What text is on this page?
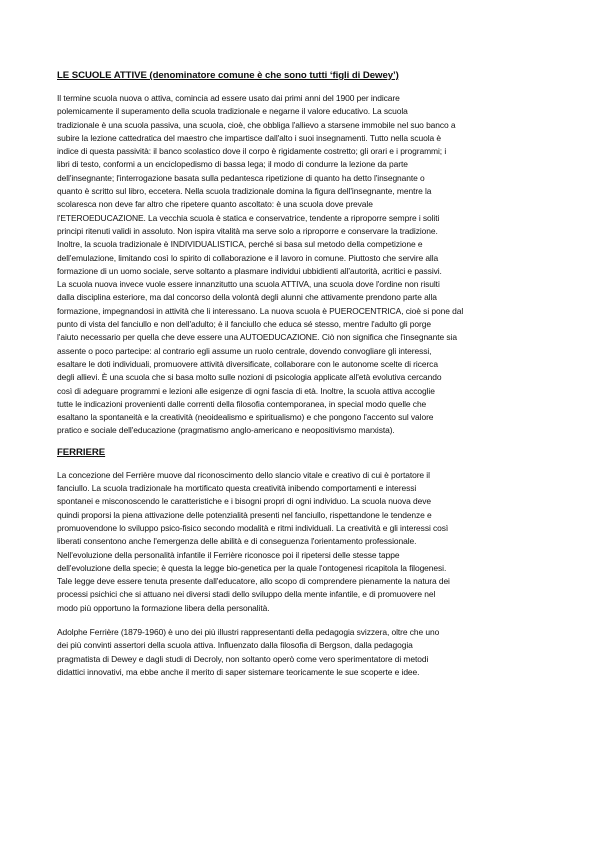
LE SCUOLE ATTIVE (denominatore comune è che sono tutti ‘figli di Dewey’)

Il termine scuola nuova o attiva, comincia ad essere usato dai primi anni del 1900 per indicare
polemicamente il superamento della scuola tradizionale e negarne il valore educativo. La scuola
tradizionale è una scuola passiva, una scuola, cioè, che obbliga l'allievo a starsene immobile nel suo banco a
subire la lezione cattedratica del maestro che impartisce dall'alto i suoi insegnamenti. Tutto nella scuola è
indice di questa passività: il banco scolastico dove il corpo è rigidamente costretto; gli orari e i programmi; i
libri di testo, conformi a un enciclopedismo di bassa lega; il modo di condurre la lezione da parte
dell'insegnante; l'interrogazione basata sulla pedantesca ripetizione di quanto ha detto l'insegnante o
quanto è scritto sul libro, eccetera. Nella scuola tradizionale domina la figura dell'insegnante, mentre la
scolaresca non deve far altro che ripetere quanto ascoltato: è una scuola dove prevale
l'ETEROEDUCAZIONE. La vecchia scuola è statica e conservatrice, tendente a riproporre sempre i soliti
principi ritenuti validi in assoluto. Non ispira vitalità ma serve solo a riproporre e conservare la tradizione.
Inoltre, la scuola tradizionale è INDIVIDUALISTICA, perché si basa sul metodo della competizione e
dell'emulazione, limitando così lo spirito di collaborazione e il lavoro in comune. Piuttosto che servire alla
formazione di un uomo sociale, serve soltanto a plasmare individui ubbidienti all'autorità, acritici e passivi.
La scuola nuova invece vuole essere innanzitutto una scuola ATTIVA, una scuola dove l'ordine non risulti
dalla disciplina esteriore, ma dal concorso della volontà degli alunni che attivamente prendono parte alla
formazione, impegnandosi in attività che li interessano. La nuova scuola è PUEROCENTRICA, cioè si pone dal
punto di vista del fanciullo e non dell'adulto; è il fanciullo che educa sé stesso, mentre l'adulto gli porge
l'aiuto necessario per quella che deve essere una AUTOEDUCAZIONE. Ciò non significa che l'insegnante sia
assente o poco partecipe: al contrario egli assume un ruolo centrale, dovendo convogliare gli interessi,
esaltare le doti individuali, promuovere attività diversificate, collaborare con le autonome scelte di ricerca
degli allievi. È una scuola che si basa molto sulle nozioni di psicologia applicate all'età evolutiva cercando
così di adeguare programmi e lezioni alle esigenze di ogni fascia di età. Inoltre, la scuola attiva accoglie
tutte le indicazioni provenienti dalle correnti della filosofia contemporanea, in special modo quelle che
esaltano la spontaneità e la creatività (neoidealismo e spiritualismo) e che pongono l'accento sul valore
pratico e sociale dell'educazione (pragmatismo anglo-americano e neopositivismo marxista).

FERRIERE

La concezione del Ferrière muove dal riconoscimento dello slancio vitale e creativo di cui è portatore il
fanciullo. La scuola tradizionale ha mortificato questa creatività inibendo comportamenti e interessi
spontanei e misconoscendo le caratteristiche e i bisogni propri di ogni individuo. La scuola nuova deve
quindi proporsi la piena attivazione delle potenzialità presenti nel fanciullo, rispettandone le tendenze e
promuovendone lo sviluppo psico-fisico secondo modalità e ritmi individuali. La creatività e gli interessi così
liberati consentono anche l'emergenza delle abilità e di conseguenza l'orientamento professionale.
Nell'evoluzione della personalità infantile il Ferrière riconosce poi il ripetersi delle stesse tappe
dell'evoluzione della specie; è questa la legge bio-genetica per la quale l'ontogenesi ricapitola la filogenesi.
Tale legge deve essere tenuta presente dall'educatore, allo scopo di comprendere pienamente la natura dei
processi psichici che si attuano nei diversi stadi dello sviluppo della mente infantile, e di promuovere nel
modo più opportuno la formazione libera della personalità.

Adolphe Ferrière (1879-1960) è uno dei più illustri rappresentanti della pedagogia svizzera, oltre che uno
dei più convinti assertori della scuola attiva. Influenzato dalla filosofia di Bergson, dalla pedagogia
pragmatista di Dewey e dagli studi di Decroly, non soltanto operò come vero sperimentatore di metodi
didattici innovativi, ma ebbe anche il merito di saper sistemare teoricamente le sue scoperte e idee.
